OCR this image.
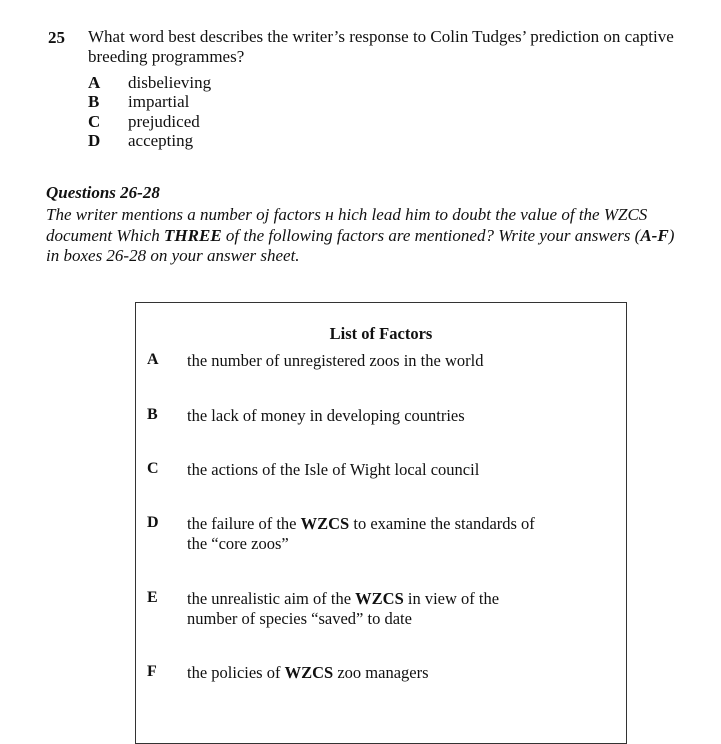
25 What word best describes the writer’s response to Colin Tudges’ prediction on captive
breeding programmes?
A disbelieving
B impartial
C prejudiced
D accepting
Questions 26-28
The writer mentions a number oj factors ʜ hich lead him to doubt the value of the WZCS
document Which THREE of the following factors are mentioned? Write your answers (A-F)
in boxes 26-28 on your answer sheet.
List of Factors
A the number of unregistered zoos in the world
B the lack of money in developing countries
C the actions of the Isle of Wight local council
D the failure of the WZCS to examine the standards of
the “core zoos”
E the unrealistic aim of the WZCS in view of the
number of species “saved” to date
F the policies of WZCS zoo managers
